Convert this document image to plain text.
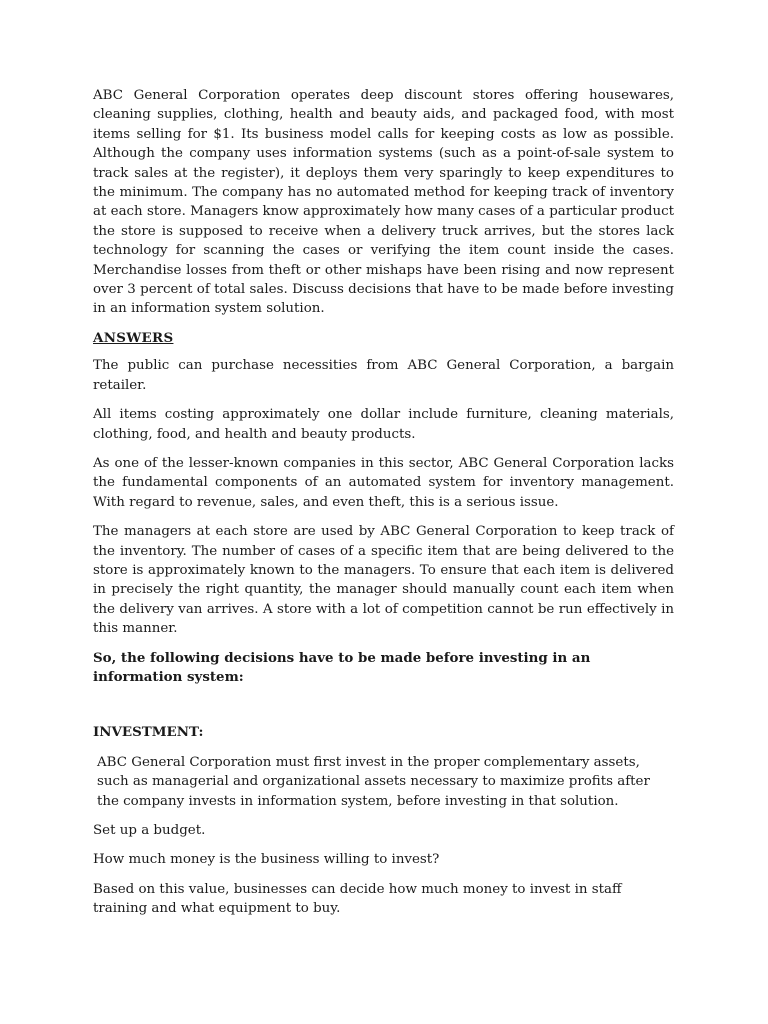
ABC General Corporation operates deep discount stores offering housewares, cleaning supplies, clothing, health and beauty aids, and packaged food, with most items selling for $1. Its business model calls for keeping costs as low as possible. Although the company uses information systems (such as a point-of-sale system to track sales at the register), it deploys them very sparingly to keep expenditures to the minimum. The company has no automated method for keeping track of inventory at each store. Managers know approximately how many cases of a particular product the store is supposed to receive when a delivery truck arrives, but the stores lack technology for scanning the cases or verifying the item count inside the cases. Merchandise losses from theft or other mishaps have been rising and now represent over 3 percent of total sales. Discuss decisions that have to be made before investing in an information system solution.

ANSWERS

The public can purchase necessities from ABC General Corporation, a bargain retailer.

All items costing approximately one dollar include furniture, cleaning materials, clothing, food, and health and beauty products.

As one of the lesser-known companies in this sector, ABC General Corporation lacks the fundamental components of an automated system for inventory management. With regard to revenue, sales, and even theft, this is a serious issue.

The managers at each store are used by ABC General Corporation to keep track of the inventory. The number of cases of a specific item that are being delivered to the store is approximately known to the managers. To ensure that each item is delivered in precisely the right quantity, the manager should manually count each item when the delivery van arrives. A store with a lot of competition cannot be run effectively in this manner.

So, the following decisions have to be made before investing in an information system:

INVESTMENT:

ABC General Corporation must first invest in the proper complementary assets, such as managerial and organizational assets necessary to maximize profits after the company invests in information system, before investing in that solution.

Set up a budget.

How much money is the business willing to invest?

Based on this value, businesses can decide how much money to invest in staff training and what equipment to buy.
